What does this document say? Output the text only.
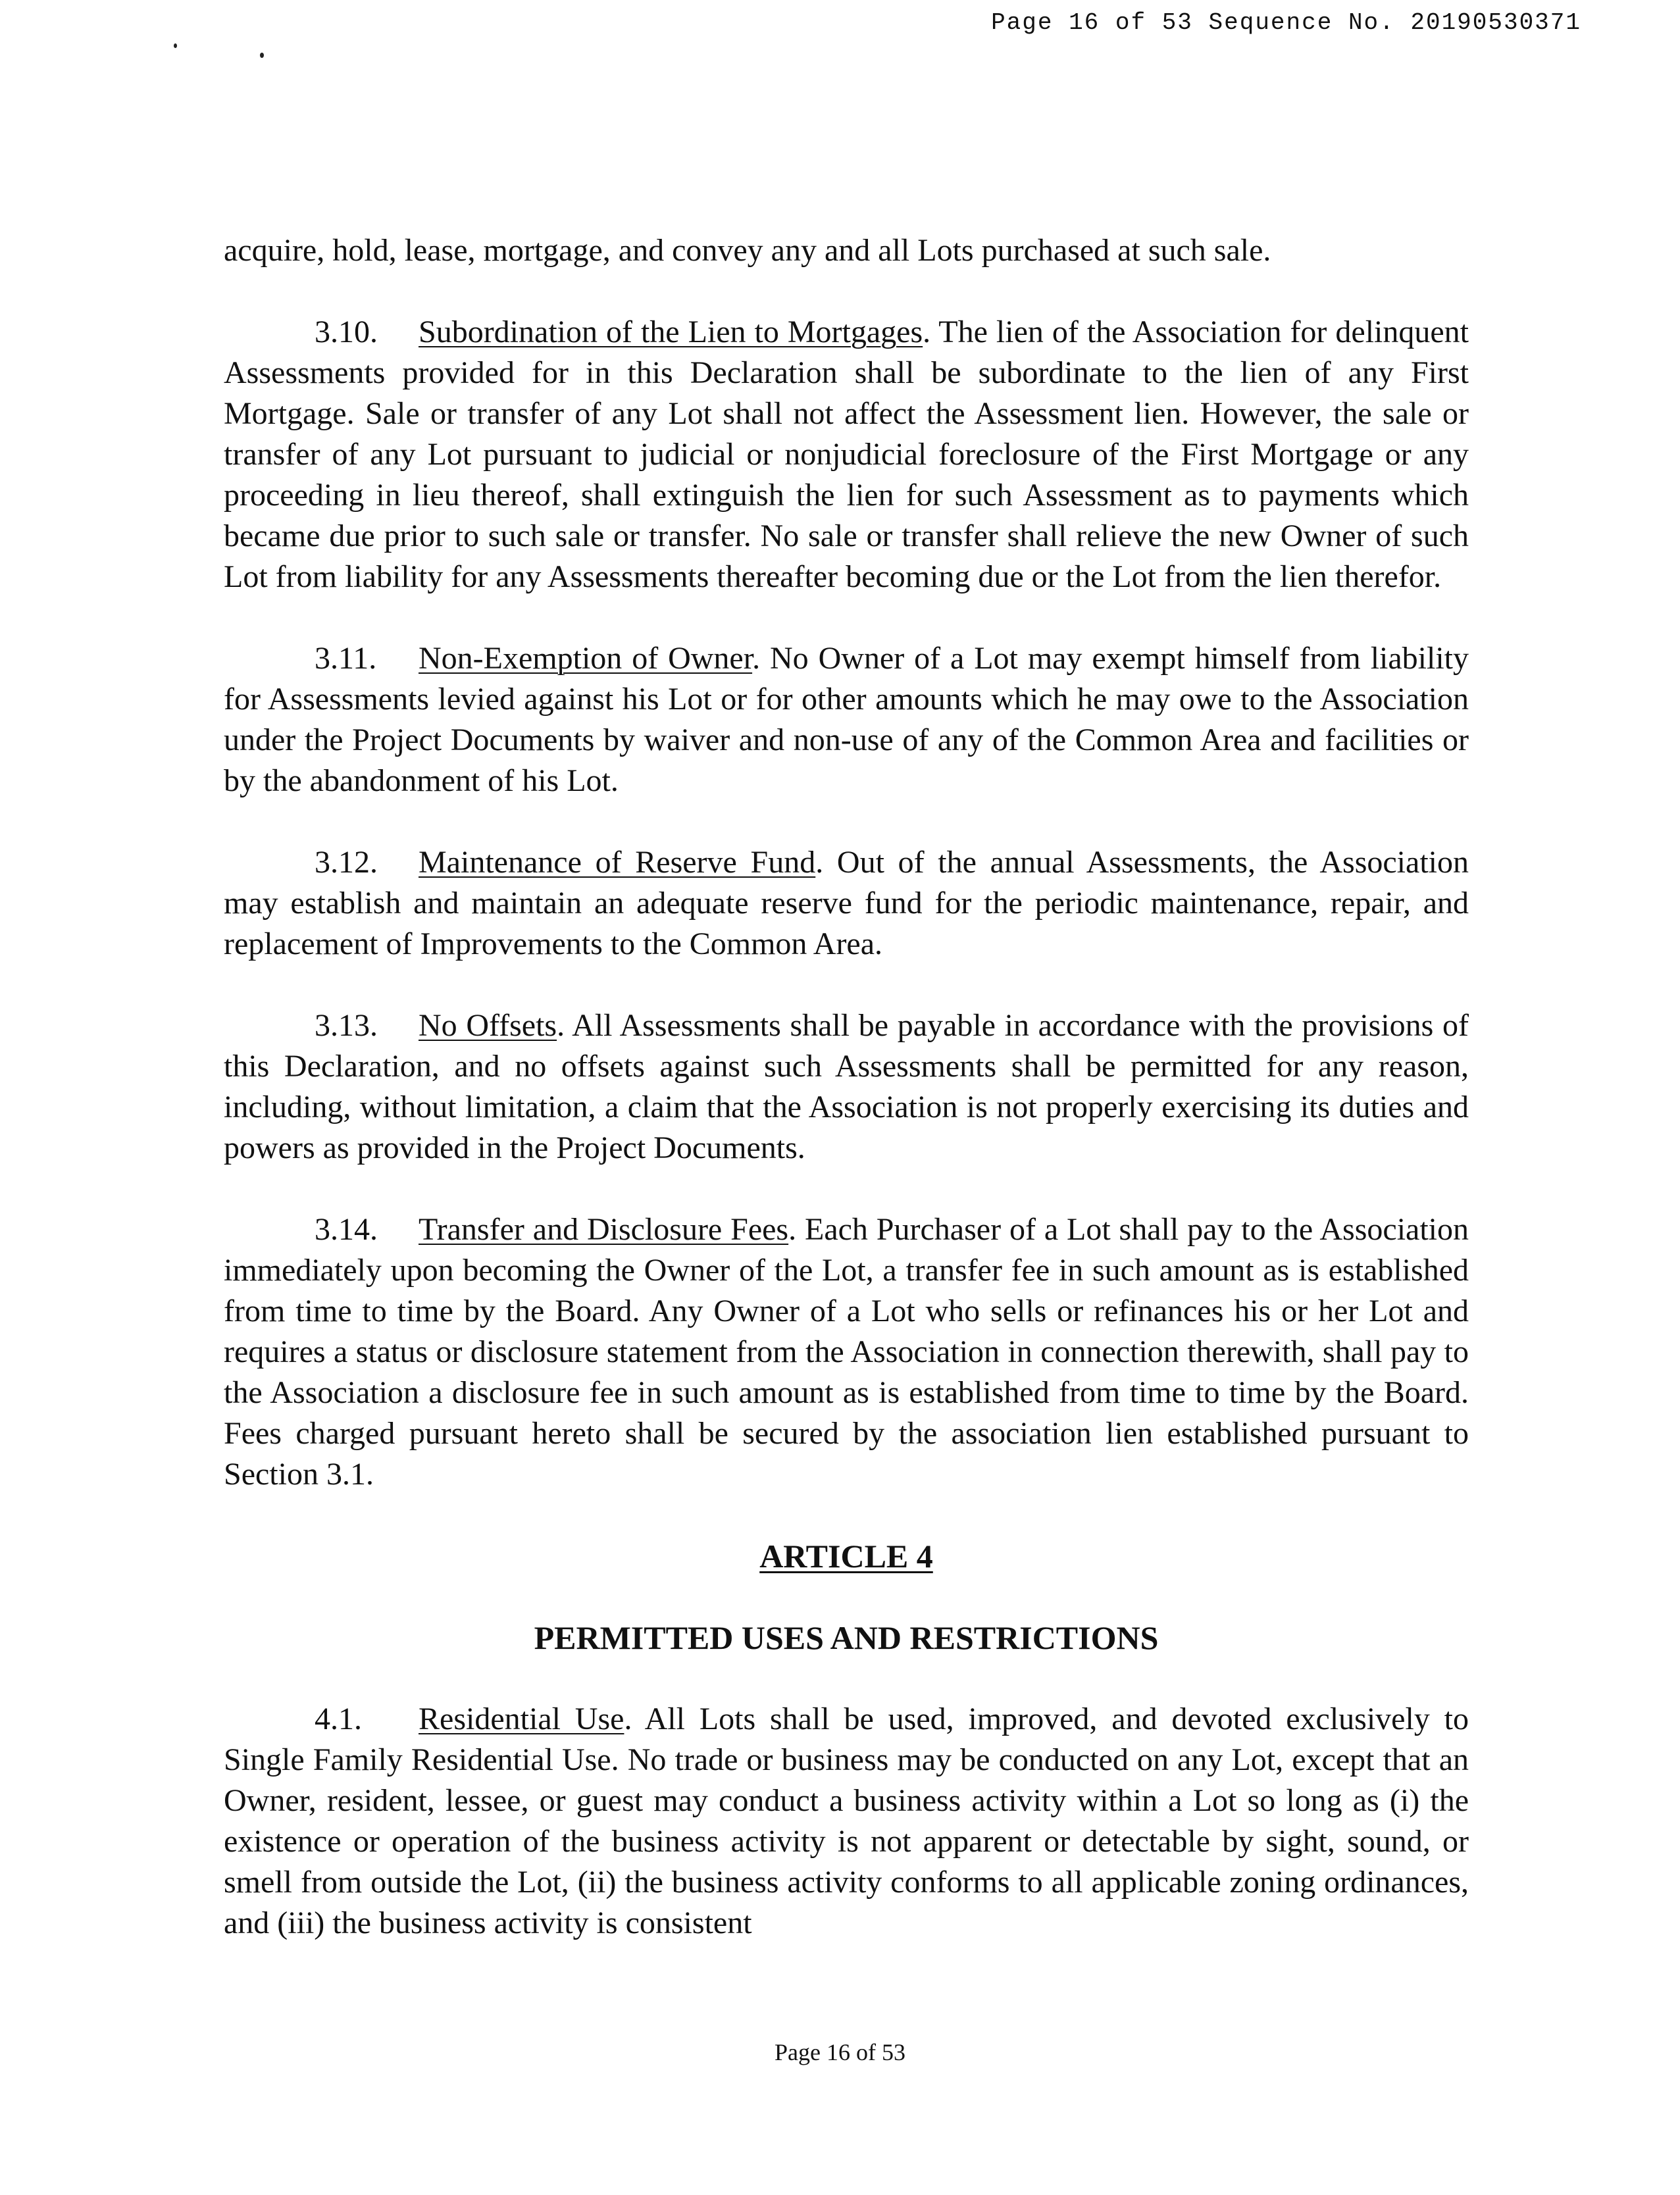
Page 16 of 53 Sequence No. 20190530371

acquire, hold, lease, mortgage, and convey any and all Lots purchased at such sale.

3.10. Subordination of the Lien to Mortgages. The lien of the Association for delinquent Assessments provided for in this Declaration shall be subordinate to the lien of any First Mortgage. Sale or transfer of any Lot shall not affect the Assessment lien. However, the sale or transfer of any Lot pursuant to judicial or nonjudicial foreclosure of the First Mortgage or any proceeding in lieu thereof, shall extinguish the lien for such Assessment as to payments which became due prior to such sale or transfer. No sale or transfer shall relieve the new Owner of such Lot from liability for any Assessments thereafter becoming due or the Lot from the lien therefor.

3.11. Non-Exemption of Owner. No Owner of a Lot may exempt himself from liability for Assessments levied against his Lot or for other amounts which he may owe to the Association under the Project Documents by waiver and non-use of any of the Common Area and facilities or by the abandonment of his Lot.

3.12. Maintenance of Reserve Fund. Out of the annual Assessments, the Association may establish and maintain an adequate reserve fund for the periodic maintenance, repair, and replacement of Improvements to the Common Area.

3.13. No Offsets. All Assessments shall be payable in accordance with the provisions of this Declaration, and no offsets against such Assessments shall be permitted for any reason, including, without limitation, a claim that the Association is not properly exercising its duties and powers as provided in the Project Documents.

3.14. Transfer and Disclosure Fees. Each Purchaser of a Lot shall pay to the Association immediately upon becoming the Owner of the Lot, a transfer fee in such amount as is established from time to time by the Board. Any Owner of a Lot who sells or refinances his or her Lot and requires a status or disclosure statement from the Association in connection therewith, shall pay to the Association a disclosure fee in such amount as is established from time to time by the Board. Fees charged pursuant hereto shall be secured by the association lien established pursuant to Section 3.1.

ARTICLE 4
PERMITTED USES AND RESTRICTIONS

4.1. Residential Use. All Lots shall be used, improved, and devoted exclusively to Single Family Residential Use. No trade or business may be conducted on any Lot, except that an Owner, resident, lessee, or guest may conduct a business activity within a Lot so long as (i) the existence or operation of the business activity is not apparent or detectable by sight, sound, or smell from outside the Lot, (ii) the business activity conforms to all applicable zoning ordinances, and (iii) the business activity is consistent

Page 16 of 53
